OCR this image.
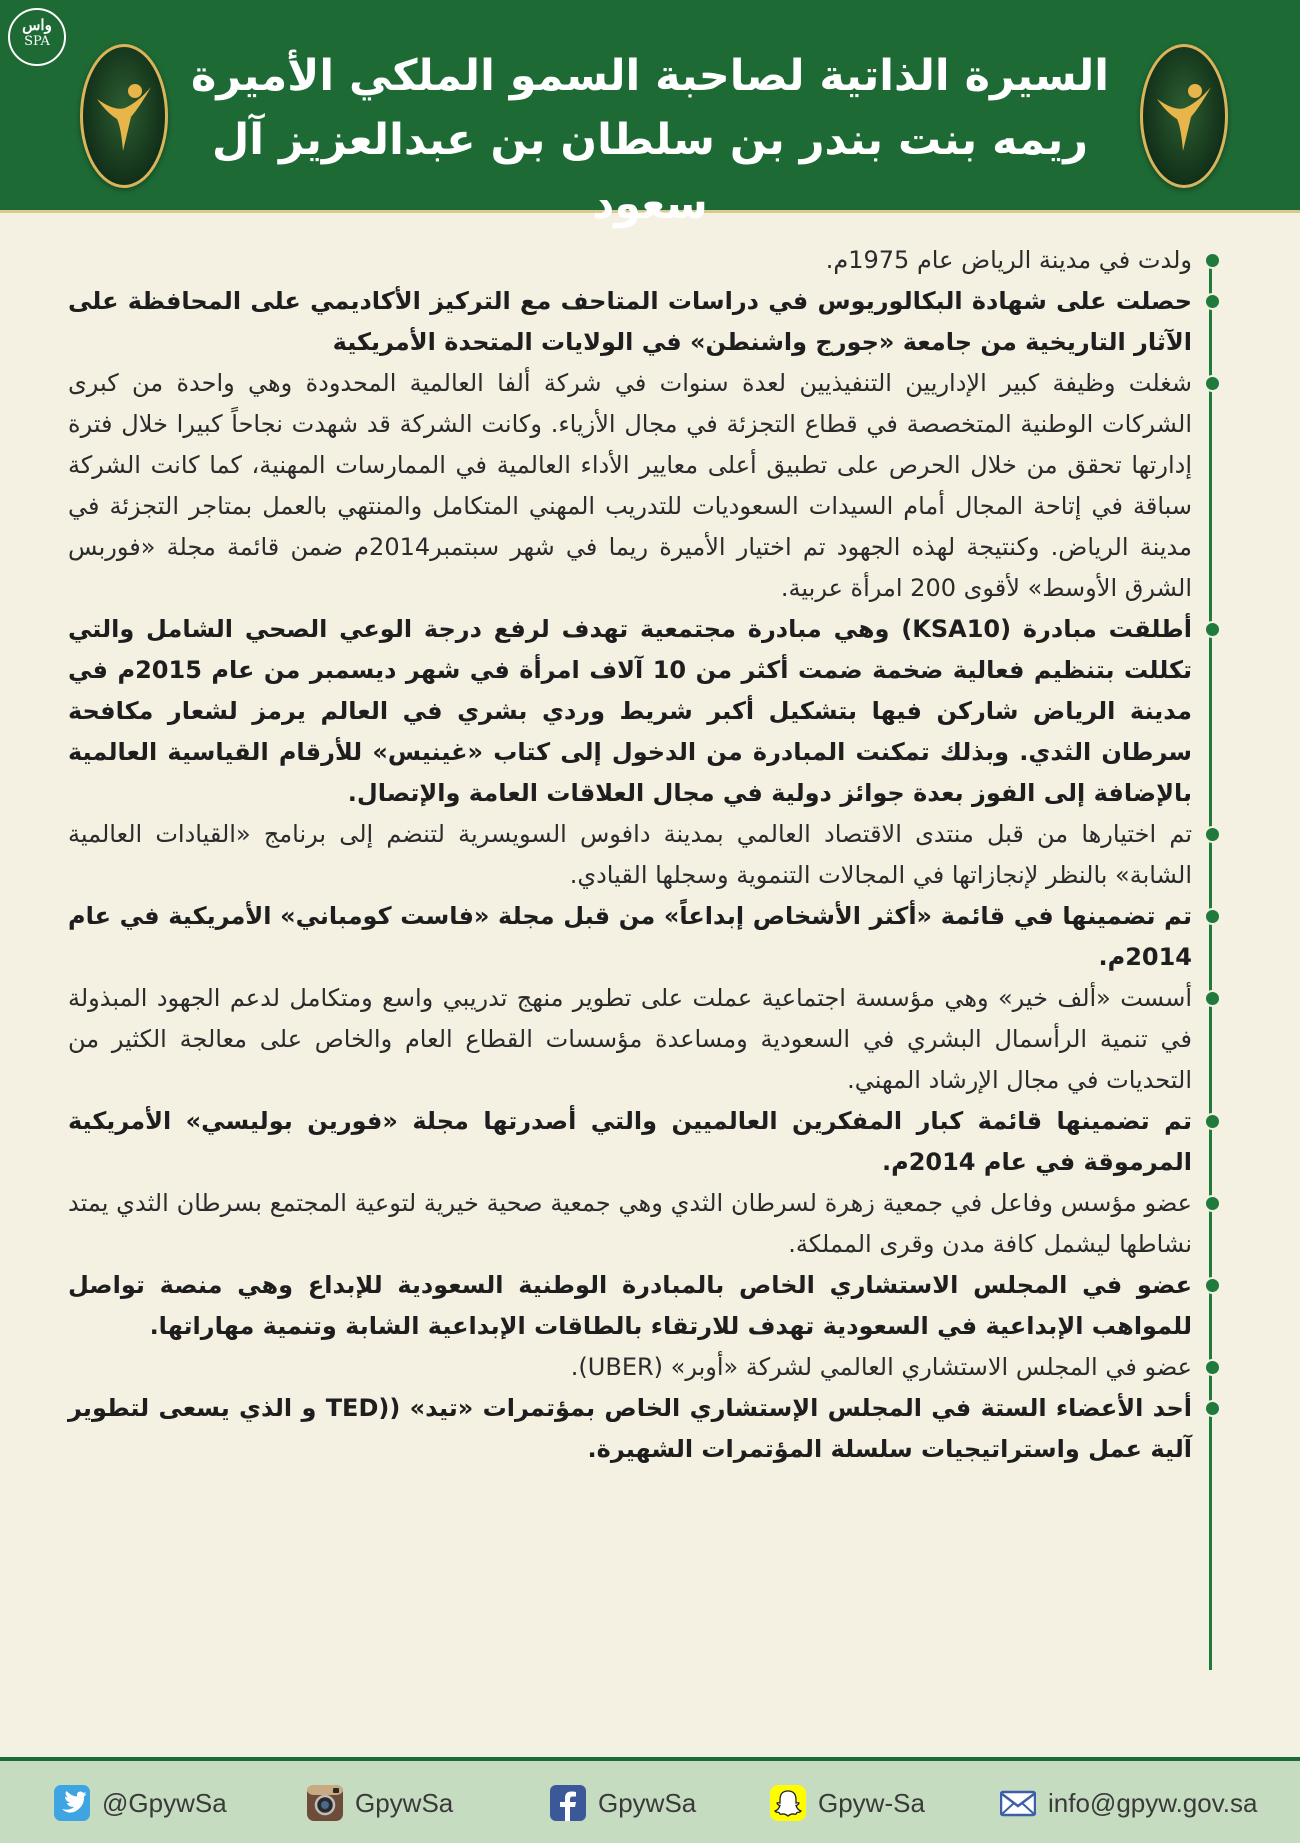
واس
SPA
السيرة الذاتية لصاحبة السمو الملكي الأميرة
ريمه بنت بندر بن سلطان بن عبدالعزيز آل سعود
ولدت في مدينة الرياض عام 1975م.
حصلت على شهادة البكالوريوس في دراسات المتاحف مع التركيز الأكاديمي على المحافظة على الآثار التاريخية من جامعة «جورج واشنطن» في الولايات المتحدة الأمريكية
شغلت وظيفة كبير الإداريين التنفيذيين لعدة سنوات في شركة ألفا العالمية المحدودة وهي واحدة من كبرى الشركات الوطنية المتخصصة في قطاع التجزئة في مجال الأزياء. وكانت الشركة قد شهدت نجاحاً كبيرا خلال فترة إدارتها تحقق من خلال الحرص على تطبيق أعلى معايير الأداء العالمية في الممارسات المهنية، كما كانت الشركة سباقة في إتاحة المجال أمام السيدات السعوديات للتدريب المهني المتكامل والمنتهي بالعمل بمتاجر التجزئة في مدينة الرياض. وكنتيجة لهذه الجهود تم اختيار الأميرة ريما في شهر سبتمبر2014م ضمن قائمة مجلة «فوربس الشرق الأوسط» لأقوى 200 امرأة عربية.
أطلقت مبادرة (KSA10) وهي مبادرة مجتمعية تهدف لرفع درجة الوعي الصحي الشامل والتي تكللت بتنظيم فعالية ضخمة ضمت أكثر من 10 آلاف امرأة في شهر ديسمبر من عام 2015م في مدينة الرياض شاركن فيها بتشكيل أكبر شريط وردي بشري في العالم يرمز لشعار مكافحة سرطان الثدي. وبذلك تمكنت المبادرة من الدخول إلى كتاب «غينيس» للأرقام القياسية العالمية بالإضافة إلى الفوز بعدة جوائز دولية في مجال العلاقات العامة والإتصال.
تم اختيارها من قبل منتدى الاقتصاد العالمي بمدينة دافوس السويسرية لتنضم إلى برنامج «القيادات العالمية الشابة» بالنظر لإنجازاتها في المجالات التنموية وسجلها القيادي.
تم تضمينها في قائمة «أكثر الأشخاص إبداعاً» من قبل مجلة «فاست كومباني» الأمريكية في عام 2014م.
أسست «ألف خير» وهي مؤسسة اجتماعية عملت على تطوير منهج تدريبي واسع ومتكامل لدعم الجهود المبذولة في تنمية الرأسمال البشري في السعودية ومساعدة مؤسسات القطاع العام والخاص على معالجة الكثير من التحديات في مجال الإرشاد المهني.
تم تضمينها قائمة كبار المفكرين العالميين والتي أصدرتها مجلة «فورين بوليسي» الأمريكية المرموقة في عام 2014م.
عضو مؤسس وفاعل في جمعية زهرة لسرطان الثدي وهي جمعية صحية خيرية لتوعية المجتمع بسرطان الثدي يمتد نشاطها ليشمل كافة مدن وقرى المملكة.
عضو في المجلس الاستشاري الخاص بالمبادرة الوطنية السعودية للإبداع وهي منصة تواصل للمواهب الإبداعية في السعودية تهدف للارتقاء بالطاقات الإبداعية الشابة وتنمية مهاراتها.
عضو في المجلس الاستشاري العالمي لشركة «أوبر» (UBER).
أحد الأعضاء الستة في المجلس الإستشاري الخاص بمؤتمرات «تيد» ((TED و الذي يسعى لتطوير آلية عمل واستراتيجيات سلسلة المؤتمرات الشهيرة.
@GpywSa	GpywSa	GpywSa	Gpyw-Sa	info@gpyw.gov.sa
